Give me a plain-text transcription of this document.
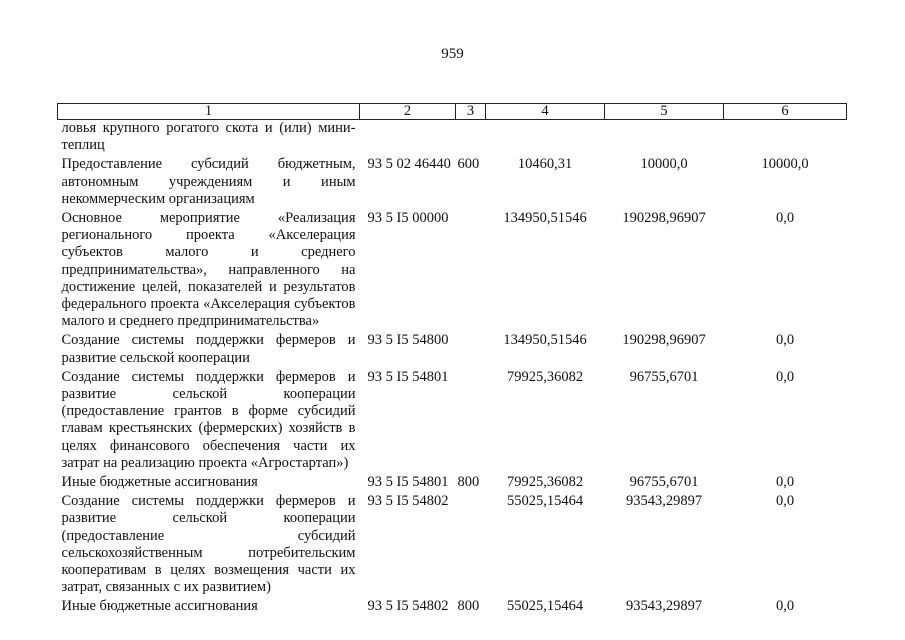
959
1	2	3	4	5	6
ловья крупного рогатого скота и (или) мини-теплиц					
Предоставление субсидий бюджетным, автономным учреждениям и иным некоммерческим организациям	93 5 02 46440	600	10460,31	10000,0	10000,0
Основное мероприятие «Реализация регионального проекта «Акселерация субъектов малого и среднего предпринимательства», направленного на достижение целей, показателей и результатов федерального проекта «Акселерация субъектов малого и среднего предпринимательства»	93 5 I5 00000		134950,51546	190298,96907	0,0
Создание системы поддержки фермеров и развитие сельской кооперации	93 5 I5 54800		134950,51546	190298,96907	0,0
Создание системы поддержки фермеров и развитие сельской кооперации (предоставление грантов в форме субсидий главам крестьянских (фермерских) хозяйств в целях финансового обеспечения части их затрат на реализацию проекта «Агростартап»)	93 5 I5 54801		79925,36082	96755,6701	0,0
Иные бюджетные ассигнования	93 5 I5 54801	800	79925,36082	96755,6701	0,0
Создание системы поддержки фермеров и развитие сельской кооперации (предоставление субсидий сельскохозяйственным потребительским кооперативам в целях возмещения части их затрат, связанных с их развитием)	93 5 I5 54802		55025,15464	93543,29897	0,0
Иные бюджетные ассигнования	93 5 I5 54802	800	55025,15464	93543,29897	0,0
